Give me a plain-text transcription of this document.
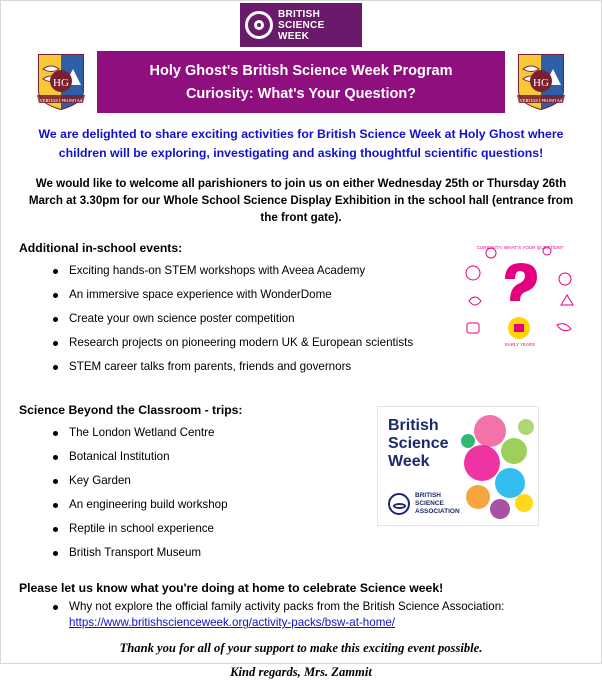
BRITISH
SCIENCE
WEEK
HG
VERITAS I PROBITAS
Holy Ghost's British Science Week Program
Curiosity: What's Your Question?
HG
VERITAS I PROBITAS

We are delighted to share exciting activities for British Science Week at Holy Ghost where children will be exploring, investigating and asking thoughtful scientific questions!

We would like to welcome all parishioners to join us on either Wednesday 25th or Thursday 26th March at 3.30pm for our Whole School Science Display Exhibition in the school hall (entrance from the front gate).

Additional in-school events:
Exciting hands-on STEM workshops with Aveea Academy
An immersive space experience with WonderDome
Create your own science poster competition
Research projects on pioneering modern UK & European scientists
STEM career talks from parents, friends and governors
Science Beyond the Classroom - trips:
The London Wetland Centre
Botanical Institution
Key Garden
An engineering build workshop
Reptile in school experience
British Transport Museum
Please let us know what you're doing at home to celebrate Science week!
Why not explore the official family activity packs from the British Science Association:
https://www.britishscienceweek.org/activity-packs/bsw-at-home/
Thank you for all of your support to make this exciting event possible.
Kind regards, Mrs. Zammit
CURIOSITY: WHAT'S YOUR QUESTION?
EARLY YEARS
British
Science
Week
BRITISH
SCIENCE
ASSOCIATION
